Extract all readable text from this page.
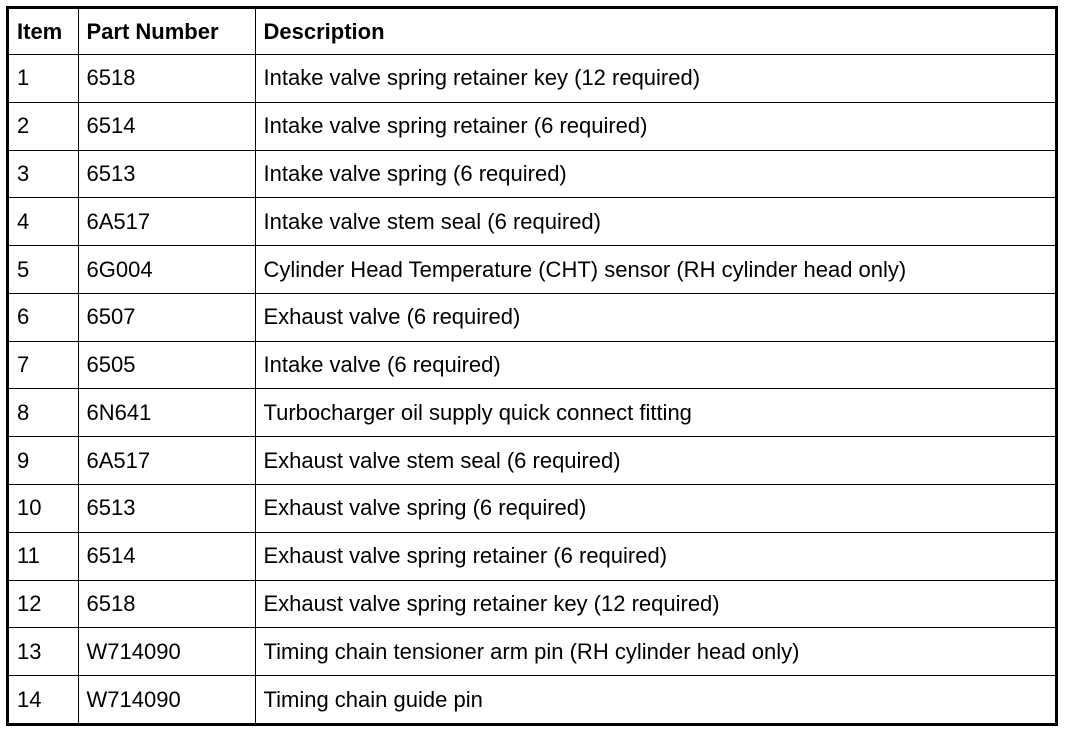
Item	Part Number	Description
1	6518	Intake valve spring retainer key (12 required)
2	6514	Intake valve spring retainer (6 required)
3	6513	Intake valve spring (6 required)
4	6A517	Intake valve stem seal (6 required)
5	6G004	Cylinder Head Temperature (CHT) sensor (RH cylinder head only)
6	6507	Exhaust valve (6 required)
7	6505	Intake valve (6 required)
8	6N641	Turbocharger oil supply quick connect fitting
9	6A517	Exhaust valve stem seal (6 required)
10	6513	Exhaust valve spring (6 required)
11	6514	Exhaust valve spring retainer (6 required)
12	6518	Exhaust valve spring retainer key (12 required)
13	W714090	Timing chain tensioner arm pin (RH cylinder head only)
14	W714090	Timing chain guide pin
